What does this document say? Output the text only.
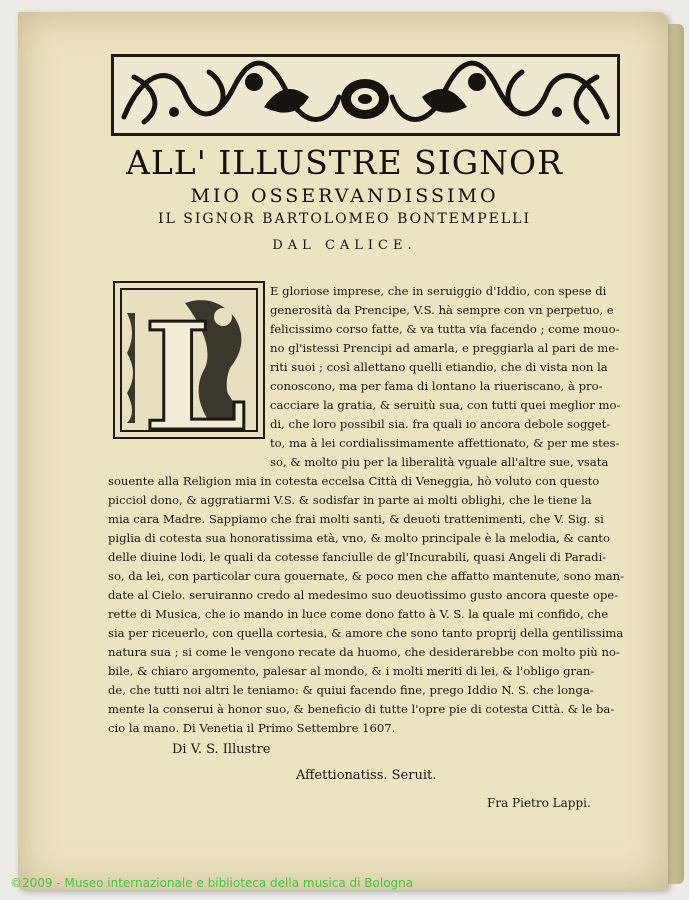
ALL' ILLUSTRE SIGNOR
MIO OSSERVANDISSIMO
IL SIGNOR BARTOLOMEO BONTEMPELLI
DAL CALICE.
L E gloriose imprese, che in seruiggio d'Iddio, con spese di
generosità da Prencipe, V.S. hà sempre con vn perpetuo, e
felicissimo corso fatte, & va tutta via facendo ; come mouo-
no gl'istessi Prencipi ad amarla, e preggiarla al pari de me-
riti suoi ; così allettano quelli etiandio, che di vista non la
conoscono, ma per fama di lontano la riueriscano, à pro-
cacciare la gratia, & seruitù sua, con tutti quei meglior mo-
di, che loro possibil sia. fra quali io ancora debole sogget-
to, ma à lei cordialissimamente affettionato, & per me stes-
so, & molto piu per la liberalità vguale all'altre sue, vsata
souente alla Religion mia in cotesta eccelsa Città di Veneggia, hò voluto con questo
picciol dono, & aggratiarmi V.S. & sodisfar in parte ai molti oblighi, che le tiene la
mia cara Madre. Sappiamo che frai molti santi, & deuoti trattenimenti, che V. Sig. si
piglia di cotesta sua honoratissima età, vno, & molto principale è la melodia, & canto
delle diuine lodi, le quali da cotesse fanciulle de gl'Incurabili, quasi Angeli di Paradi-
so, da lei, con particolar cura gouernate, & poco men che affatto mantenute, sono man-
date al Cielo. seruiranno credo al medesimo suo deuotissimo gusto ancora queste ope-
rette di Musica, che io mando in luce come dono fatto à V. S. la quale mi confido, che
sia per riceuerlo, con quella cortesia, & amore che sono tanto proprij della gentilissima
natura sua ; si come le vengono recate da huomo, che desiderarebbe con molto più no-
bile, & chiaro argomento, palesar al mondo, & i molti meriti di lei, & l'obligo gran-
de, che tutti noi altri le teniamo: & quiui facendo fine, prego Iddio N. S. che longa-
mente la conserui à honor suo, & beneficio di tutte l'opre pie di cotesta Città. & le ba-
cio la mano. Di Venetia il Primo Settembre 1607.
Di V. S. Illustre
Affettionatiss. Seruit.
Fra Pietro Lappi.
©2009 - Museo internazionale e biblioteca della musica di Bologna
